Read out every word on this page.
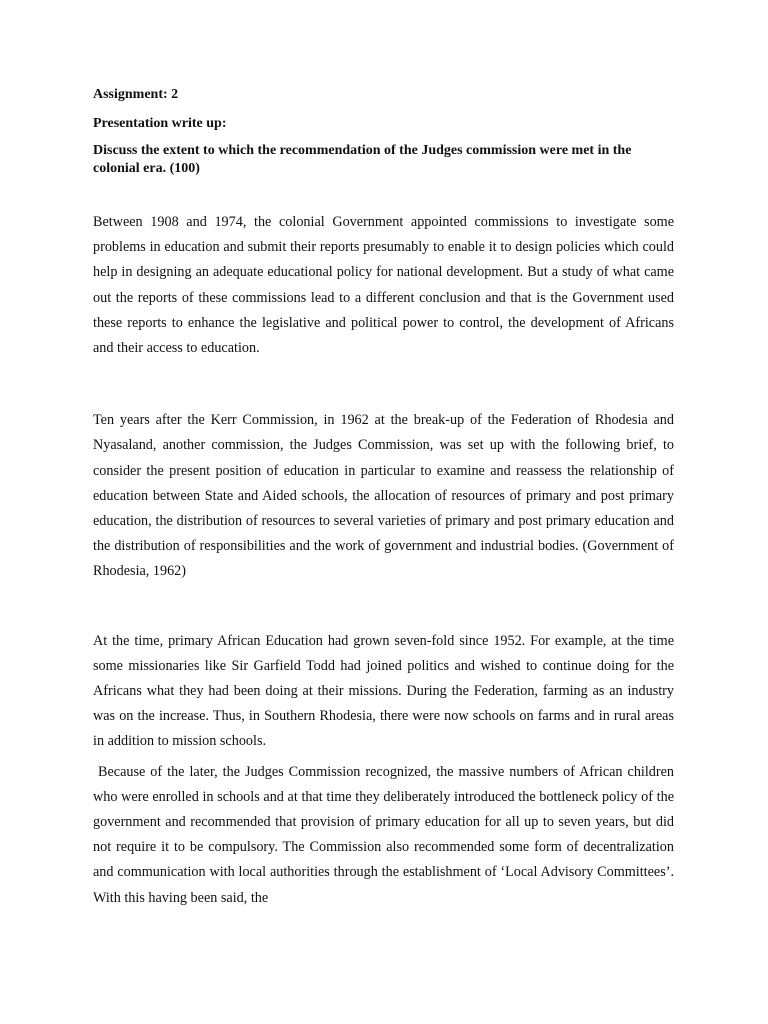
Assignment: 2

Presentation write up:

Discuss the extent to which the recommendation of the Judges commission were met in the colonial era. (100)

Between 1908 and 1974, the colonial Government appointed commissions to investigate some problems in education and submit their reports presumably to enable it to design policies which could help in designing an adequate educational policy for national development. But a study of what came out the reports of these commissions lead to a different conclusion and that is the Government used these reports to enhance the legislative and political power to control, the development of Africans and their access to education.

Ten years after the Kerr Commission, in 1962 at the break-up of the Federation of Rhodesia and Nyasaland, another commission, the Judges Commission, was set up with the following brief, to consider the present position of education in particular to examine and reassess the relationship of education between State and Aided schools, the allocation of resources of primary and post primary education, the distribution of resources to several varieties of primary and post primary education and the distribution of responsibilities and the work of government and industrial bodies. (Government of Rhodesia, 1962)

At the time, primary African Education had grown seven-fold since 1952. For example, at the time some missionaries like Sir Garfield Todd had joined politics and wished to continue doing for the Africans what they had been doing at their missions. During the Federation, farming as an industry was on the increase. Thus, in Southern Rhodesia, there were now schools on farms and in rural areas in addition to mission schools.

Because of the later, the Judges Commission recognized, the massive numbers of African children who were enrolled in schools and at that time they deliberately introduced the bottleneck policy of the government and recommended that provision of primary education for all up to seven years, but did not require it to be compulsory. The Commission also recommended some form of decentralization and communication with local authorities through the establishment of ‘Local Advisory Committees’. With this having been said, the
